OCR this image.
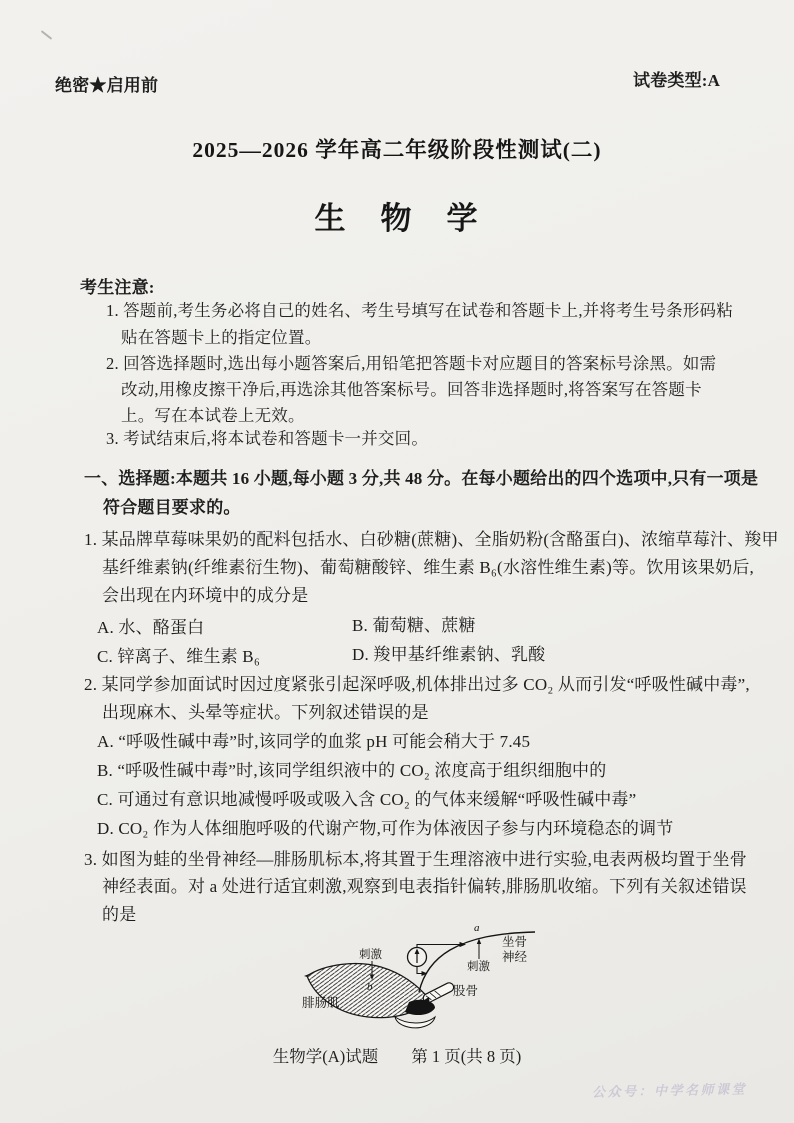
绝密★启用前	试卷类型:A
2025—2026 学年高二年级阶段性测试(二)
生　物　学
考生注意:
1. 答题前,考生务必将自己的姓名、考生号填写在试卷和答题卡上,并将考生号条形码粘
贴在答题卡上的指定位置。
2. 回答选择题时,选出每小题答案后,用铅笔把答题卡对应题目的答案标号涂黑。如需
改动,用橡皮擦干净后,再选涂其他答案标号。回答非选择题时,将答案写在答题卡
上。写在本试卷上无效。
3. 考试结束后,将本试卷和答题卡一并交回。
一、选择题:本题共 16 小题,每小题 3 分,共 48 分。在每小题给出的四个选项中,只有一项是
符合题目要求的。
1. 某品牌草莓味果奶的配料包括水、白砂糖(蔗糖)、全脂奶粉(含酪蛋白)、浓缩草莓汁、羧甲
基纤维素钠(纤维素衍生物)、葡萄糖酸锌、维生素 B₆(水溶性维生素)等。饮用该果奶后,
会出现在内环境中的成分是
A. 水、酪蛋白	B. 葡萄糖、蔗糖
C. 锌离子、维生素 B₆	D. 羧甲基纤维素钠、乳酸
2. 某同学参加面试时因过度紧张引起深呼吸,机体排出过多 CO₂ 从而引发“呼吸性碱中毒”,
出现麻木、头晕等症状。下列叙述错误的是
A. “呼吸性碱中毒”时,该同学的血浆 pH 可能会稍大于 7.45
B. “呼吸性碱中毒”时,该同学组织液中的 CO₂ 浓度高于组织细胞中的
C. 可通过有意识地减慢呼吸或吸入含 CO₂ 的气体来缓解“呼吸性碱中毒”
D. CO₂ 作为人体细胞呼吸的代谢产物,可作为体液因子参与内环境稳态的调节
3. 如图为蛙的坐骨神经—腓肠肌标本,将其置于生理溶液中进行实验,电表两极均置于坐骨
神经表面。对 a 处进行适宜刺激,观察到电表指针偏转,腓肠肌收缩。下列有关叙述错误
的是
刺激
b
a
刺激
坐骨
神经
股骨
腓肠肌
生物学(A)试题　　第 1 页(共 8 页)
公众号：中学名师课堂
